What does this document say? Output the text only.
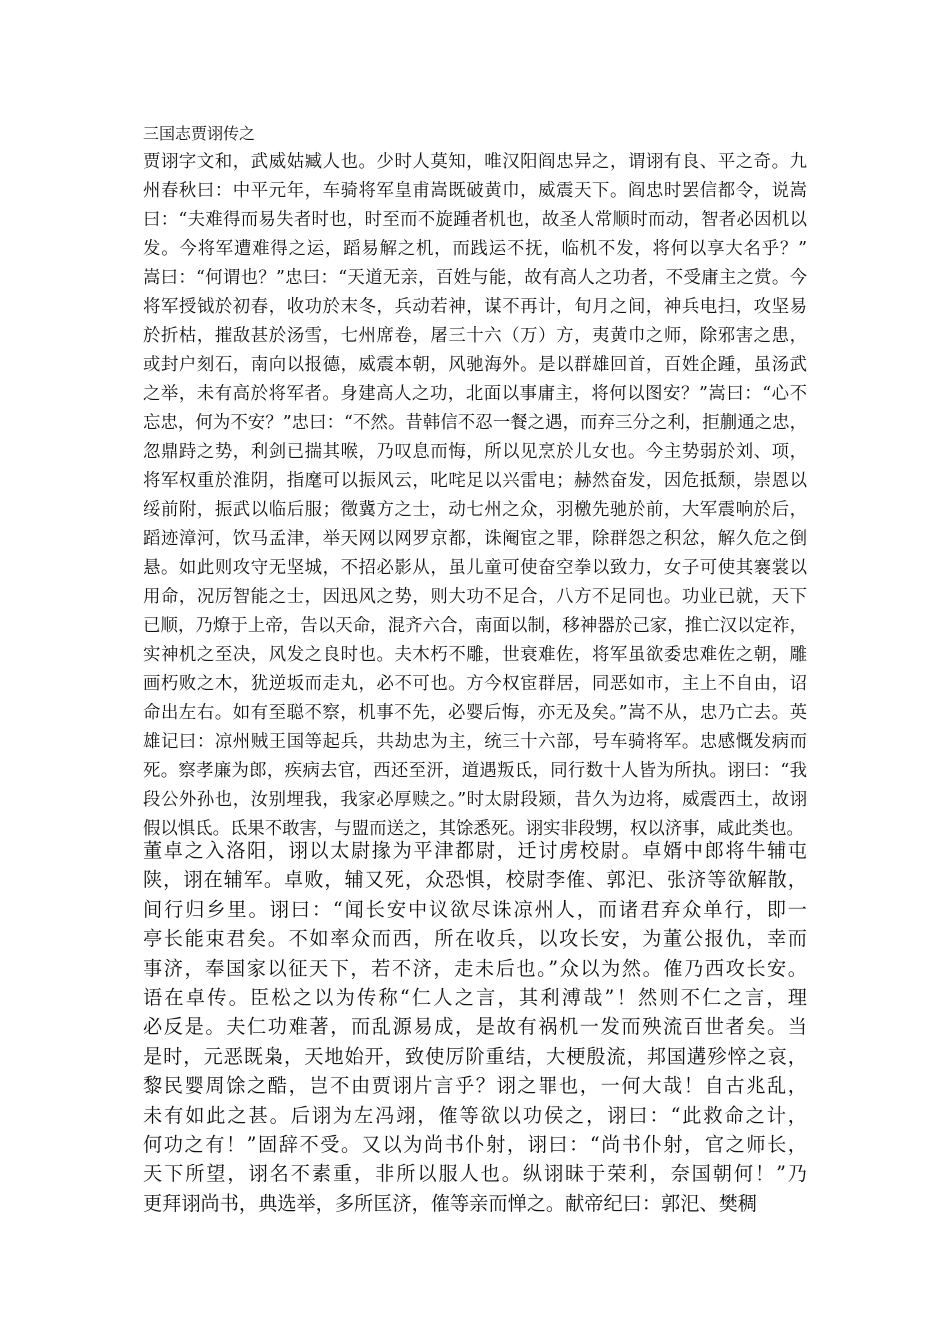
三国志贾诩传之
贾诩字文和，武威姑臧人也。少时人莫知，唯汉阳阎忠异之，谓诩有良、平之奇。九
州春秋曰：中平元年，车骑将军皇甫嵩既破黄巾，威震天下。阎忠时罢信都令，说嵩
曰：“夫难得而易失者时也，时至而不旋踵者机也，故圣人常顺时而动，智者必因机以
发。今将军遭难得之运，蹈易解之机，而践运不抚，临机不发，将何以享大名乎？”
嵩曰：“何谓也？”忠曰：“天道无亲，百姓与能，故有高人之功者，不受庸主之赏。今
将军授钺於初春，收功於末冬，兵动若神，谋不再计，旬月之间，神兵电扫，攻坚易
於折枯，摧敌甚於汤雪，七州席卷，屠三十六（万）方，夷黄巾之师，除邪害之患，
或封户刻石，南向以报德，威震本朝，风驰海外。是以群雄回首，百姓企踵，虽汤武
之举，未有高於将军者。身建高人之功，北面以事庸主，将何以图安？”嵩曰：“心不
忘忠，何为不安？”忠曰：“不然。昔韩信不忍一餐之遇，而弃三分之利，拒蒯通之忠，
忽鼎跱之势，利剑已揣其喉，乃叹息而悔，所以见烹於儿女也。今主势弱於刘、项，
将军权重於淮阴，指麾可以振风云，叱咤足以兴雷电；赫然奋发，因危抵颓，崇恩以
绥前附，振武以临后服；徵冀方之士，动七州之众，羽檄先驰於前，大军震响於后，
蹈迹漳河，饮马孟津，举天网以网罗京都，诛阉宦之罪，除群怨之积忿，解久危之倒
悬。如此则攻守无坚城，不招必影从，虽儿童可使奋空拳以致力，女子可使其褰裳以
用命，况厉智能之士，因迅风之势，则大功不足合，八方不足同也。功业已就，天下
已顺，乃燎于上帝，告以天命，混齐六合，南面以制，移神器於己家，推亡汉以定祚，
实神机之至决，风发之良时也。夫木朽不雕，世衰难佐，将军虽欲委忠难佐之朝，雕
画朽败之木，犹逆坂而走丸，必不可也。方今权宦群居，同恶如市，主上不自由，诏
命出左右。如有至聪不察，机事不先，必婴后悔，亦无及矣。”嵩不从，忠乃亡去。英
雄记曰：凉州贼王国等起兵，共劫忠为主，统三十六部，号车骑将军。忠感慨发病而
死。察孝廉为郎，疾病去官，西还至汧，道遇叛氐，同行数十人皆为所执。诩曰：“我
段公外孙也，汝别埋我，我家必厚赎之。”时太尉段颎，昔久为边将，威震西土，故诩
假以惧氐。氐果不敢害，与盟而送之，其馀悉死。诩实非段甥，权以济事，咸此类也。
董卓之入洛阳，诩以太尉掾为平津都尉，迁讨虏校尉。卓婿中郎将牛辅屯
陕，诩在辅军。卓败，辅又死，众恐惧，校尉李傕、郭汜、张济等欲解散，
间行归乡里。诩曰：“闻长安中议欲尽诛凉州人，而诸君弃众单行，即一
亭长能束君矣。不如率众而西，所在收兵，以攻长安，为董公报仇，幸而
事济，奉国家以征天下，若不济，走未后也。”众以为然。傕乃西攻长安。
语在卓传。臣松之以为传称“仁人之言，其利溥哉”！然则不仁之言，理
必反是。夫仁功难著，而乱源易成，是故有祸机一发而殃流百世者矣。当
是时，元恶既枭，天地始开，致使厉阶重结，大梗殷流，邦国遘殄悴之哀，
黎民婴周馀之酷，岂不由贾诩片言乎？诩之罪也，一何大哉！自古兆乱，
未有如此之甚。后诩为左冯翊，傕等欲以功侯之，诩曰：“此救命之计，
何功之有！”固辞不受。又以为尚书仆射，诩曰：“尚书仆射，官之师长，
天下所望，诩名不素重，非所以服人也。纵诩昧于荣利，奈国朝何！”乃
更拜诩尚书，典选举，多所匡济，傕等亲而惮之。献帝纪曰：郭汜、樊稠
